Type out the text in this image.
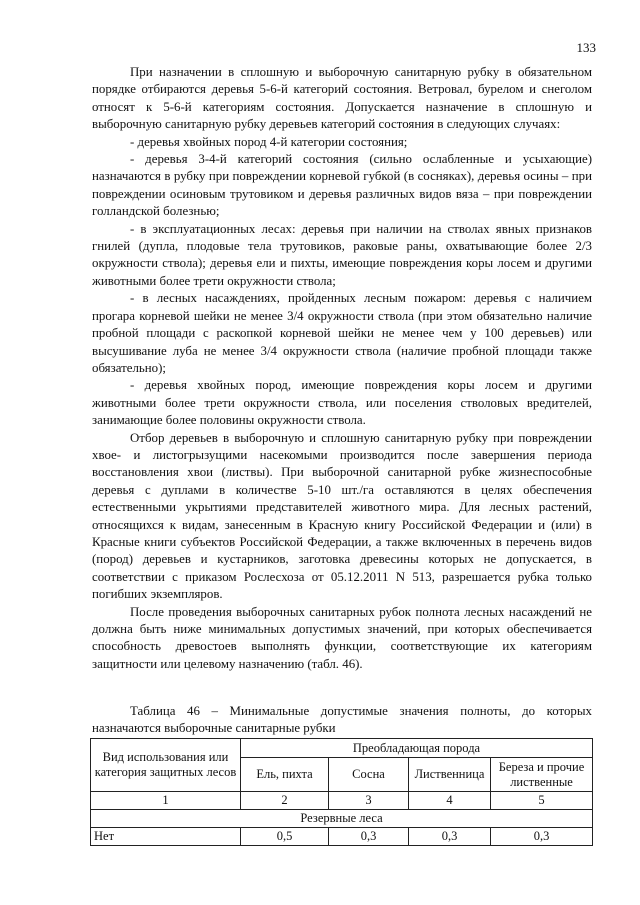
133

При назначении в сплошную и выборочную санитарную рубку в обязательном порядке отбираются деревья 5-6-й категорий состояния. Ветровал, бурелом и снеголом относят к 5-6-й категориям состояния. Допускается назначение в сплошную и выборочную санитарную рубку деревьев категорий состояния в следующих случаях:

- деревья хвойных пород 4-й категории состояния;

- деревья 3-4-й категорий состояния (сильно ослабленные и усыхающие) назначаются в рубку при повреждении корневой губкой (в сосняках), деревья осины – при повреждении осиновым трутовиком и деревья различных видов вяза – при повреждении голландской болезнью;

- в эксплуатационных лесах: деревья при наличии на стволах явных признаков гнилей (дупла, плодовые тела трутовиков, раковые раны, охватывающие более 2/3 окружности ствола); деревья ели и пихты, имеющие повреждения коры лосем и другими животными более трети окружности ствола;

- в лесных насаждениях, пройденных лесным пожаром: деревья с наличием прогара корневой шейки не менее 3/4 окружности ствола (при этом обязательно наличие пробной площади с раскопкой корневой шейки не менее чем у 100 деревьев) или высушивание луба не менее 3/4 окружности ствола (наличие пробной площади также обязательно);

- деревья хвойных пород, имеющие повреждения коры лосем и другими животными более трети окружности ствола, или поселения стволовых вредителей, занимающие более половины окружности ствола.

Отбор деревьев в выборочную и сплошную санитарную рубку при повреждении хвое- и листогрызущими насекомыми производится после завершения периода восстановления хвои (листвы). При выборочной санитарной рубке жизнеспособные деревья с дуплами в количестве 5-10 шт./га оставляются в целях обеспечения естественными укрытиями представителей животного мира. Для лесных растений, относящихся к видам, занесенным в Красную книгу Российской Федерации и (или) в Красные книги субъектов Российской Федерации, а также включенных в перечень видов (пород) деревьев и кустарников, заготовка древесины которых не допускается, в соответствии с приказом Рослесхоза от 05.12.2011 N 513, разрешается рубка только погибших экземпляров.

После проведения выборочных санитарных рубок полнота лесных насаждений не должна быть ниже минимальных допустимых значений, при которых обеспечивается способность древостоев выполнять функции, соответствующие их категориям защитности или целевому назначению (табл. 46).

Таблица 46 – Минимальные допустимые значения полноты, до которых назначаются выборочные санитарные рубки

Вид использования или категория защитных лесов	Преобладающая порода			
	Ель, пихта	Сосна	Лиственница	Береза и прочие лиственные
1	2	3	4	5
Резервные леса				
Нет	0,5	0,3	0,3	0,3
